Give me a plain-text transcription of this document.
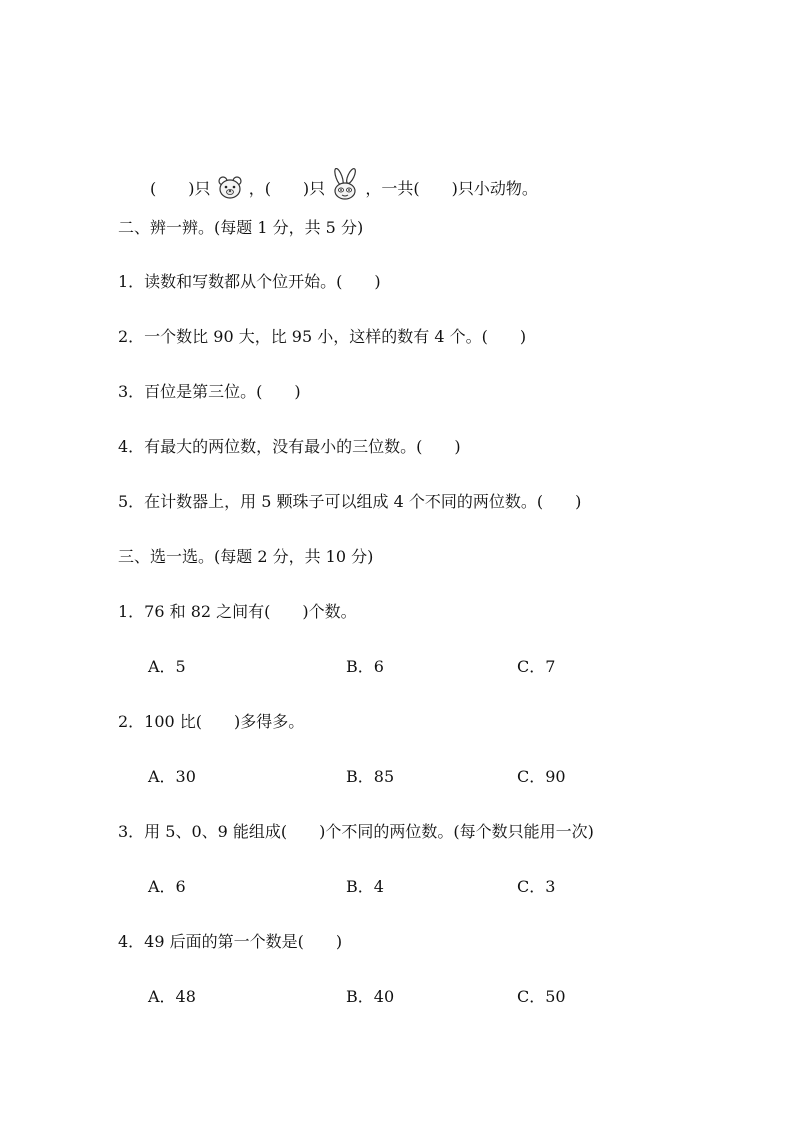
(　　)只 ，(　　)只	，一共(　　)只小动物。
二、辨一辨。(每题 1 分，共 5 分)
1．读数和写数都从个位开始。(　　)
2．一个数比 90 大，比 95 小，这样的数有 4 个。(　　)
3．百位是第三位。(　　)
4．有最大的两位数，没有最小的三位数。(　　)
5．在计数器上，用 5 颗珠子可以组成 4 个不同的两位数。(　　)
三、选一选。(每题 2 分，共 10 分)
1．76 和 82 之间有(　　)个数。
A．5	B．6	C．7
2．100 比(　　)多得多。
A．30	B．85	C．90
3．用 5、0、9 能组成(　　)个不同的两位数。(每个数只能用一次)
A．6	B．4	C．3
4．49 后面的第一个数是(　　)
A．48	B．40	C．50
